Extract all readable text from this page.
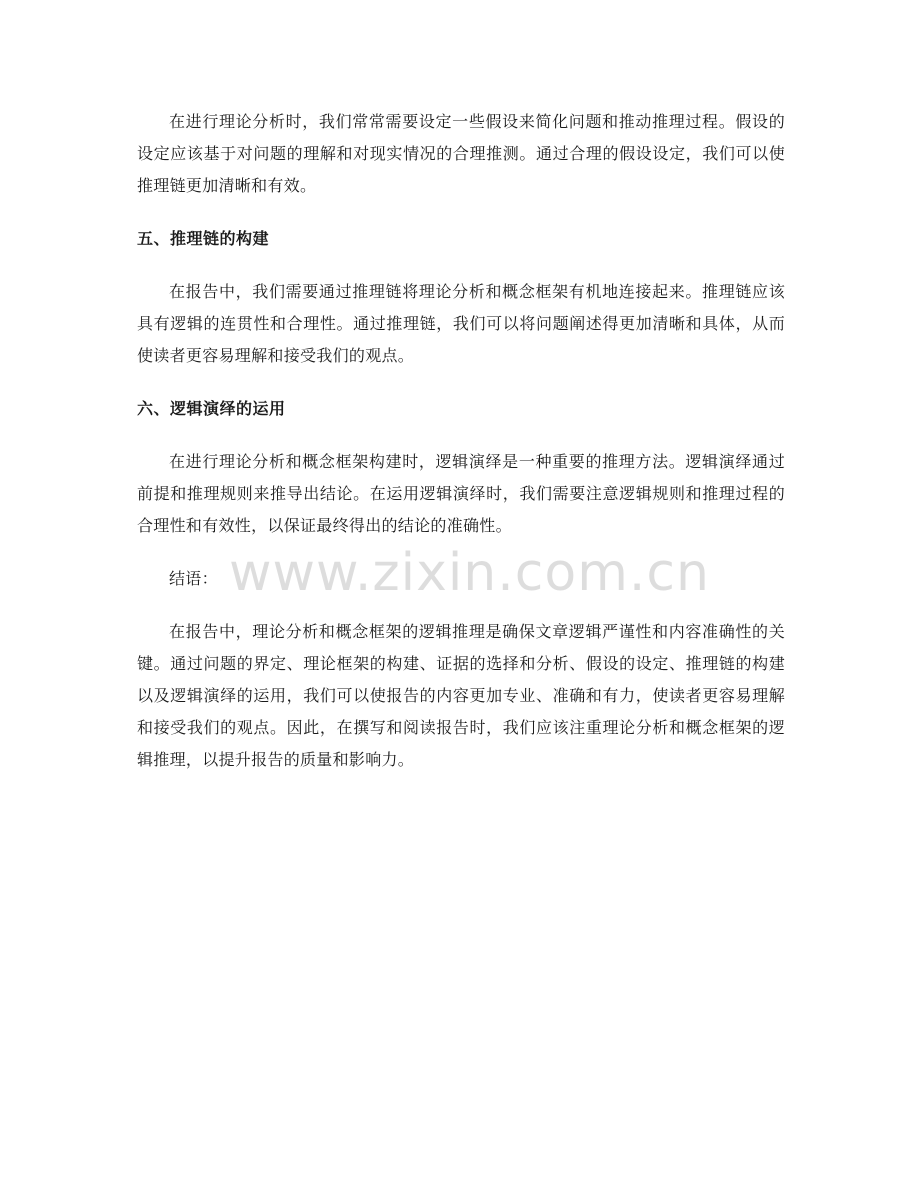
在进行理论分析时，我们常常需要设定一些假设来简化问题和推动推理过程。假设的设定应该基于对问题的理解和对现实情况的合理推测。通过合理的假设设定，我们可以使推理链更加清晰和有效。

五、推理链的构建

在报告中，我们需要通过推理链将理论分析和概念框架有机地连接起来。推理链应该具有逻辑的连贯性和合理性。通过推理链，我们可以将问题阐述得更加清晰和具体，从而使读者更容易理解和接受我们的观点。

六、逻辑演绎的运用

在进行理论分析和概念框架构建时，逻辑演绎是一种重要的推理方法。逻辑演绎通过前提和推理规则来推导出结论。在运用逻辑演绎时，我们需要注意逻辑规则和推理过程的合理性和有效性，以保证最终得出的结论的准确性。

结语：

在报告中，理论分析和概念框架的逻辑推理是确保文章逻辑严谨性和内容准确性的关键。通过问题的界定、理论框架的构建、证据的选择和分析、假设的设定、推理链的构建以及逻辑演绎的运用，我们可以使报告的内容更加专业、准确和有力，使读者更容易理解和接受我们的观点。因此，在撰写和阅读报告时，我们应该注重理论分析和概念框架的逻辑推理，以提升报告的质量和影响力。

www.zixin.com.cn
